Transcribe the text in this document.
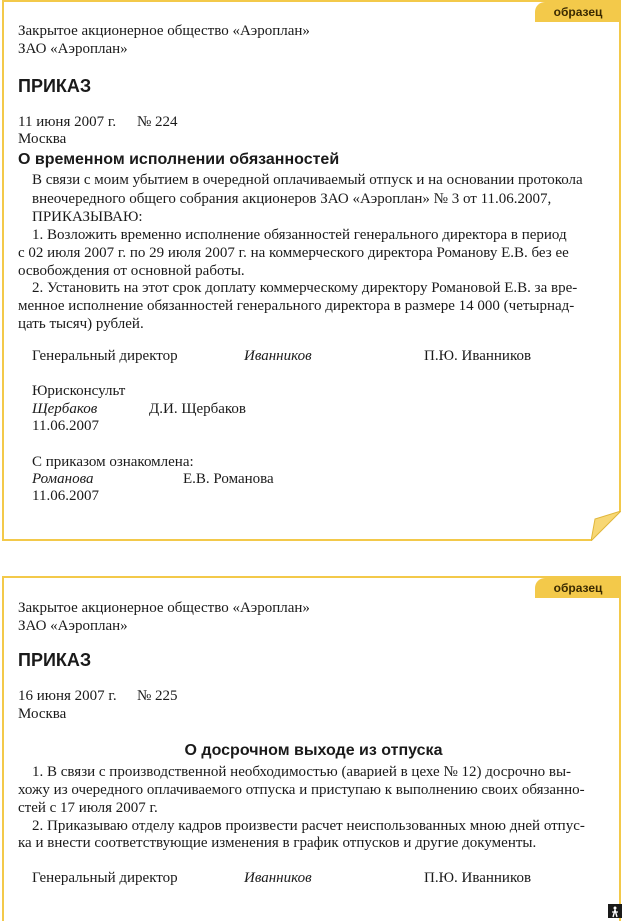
образец
Закрытое акционерное общество «Аэроплан»
ЗАО «Аэроплан»
ПРИКАЗ
11 июня 2007 г. № 224
Москва
О временном исполнении обязанностей
В связи с моим убытием в очередной оплачиваемый отпуск и на основании протокола
внеочередного общего собрания акционеров ЗАО «Аэроплан» № 3 от 11.06.2007,
ПРИКАЗЫВАЮ:
1. Возложить временно исполнение обязанностей генерального директора в период
с 02 июля 2007 г. по 29 июля 2007 г. на коммерческого директора Романову Е.В. без ее
освобождения от основной работы.
2. Установить на этот срок доплату коммерческому директору Романовой Е.В. за вре-
менное исполнение обязанностей генерального директора в размере 14 000 (четырнад-
цать тысяч) рублей.
Генеральный директор	Иванников	П.Ю. Иванников
Юрисконсульт
Щербаков	Д.И. Щербаков
11.06.2007
С приказом ознакомлена:
Романова	Е.В. Романова
11.06.2007
образец
Закрытое акционерное общество «Аэроплан»
ЗАО «Аэроплан»
ПРИКАЗ
16 июня 2007 г. № 225
Москва
О досрочном выходе из отпуска
1. В связи с производственной необходимостью (аварией в цехе № 12) досрочно вы-
хожу из очередного оплачиваемого отпуска и приступаю к выполнению своих обязанно-
стей с 17 июля 2007 г.
2. Приказываю отделу кадров произвести расчет неиспользованных мною дней отпус-
ка и внести соответствующие изменения в график отпусков и другие документы.
Генеральный директор	Иванников	П.Ю. Иванников
